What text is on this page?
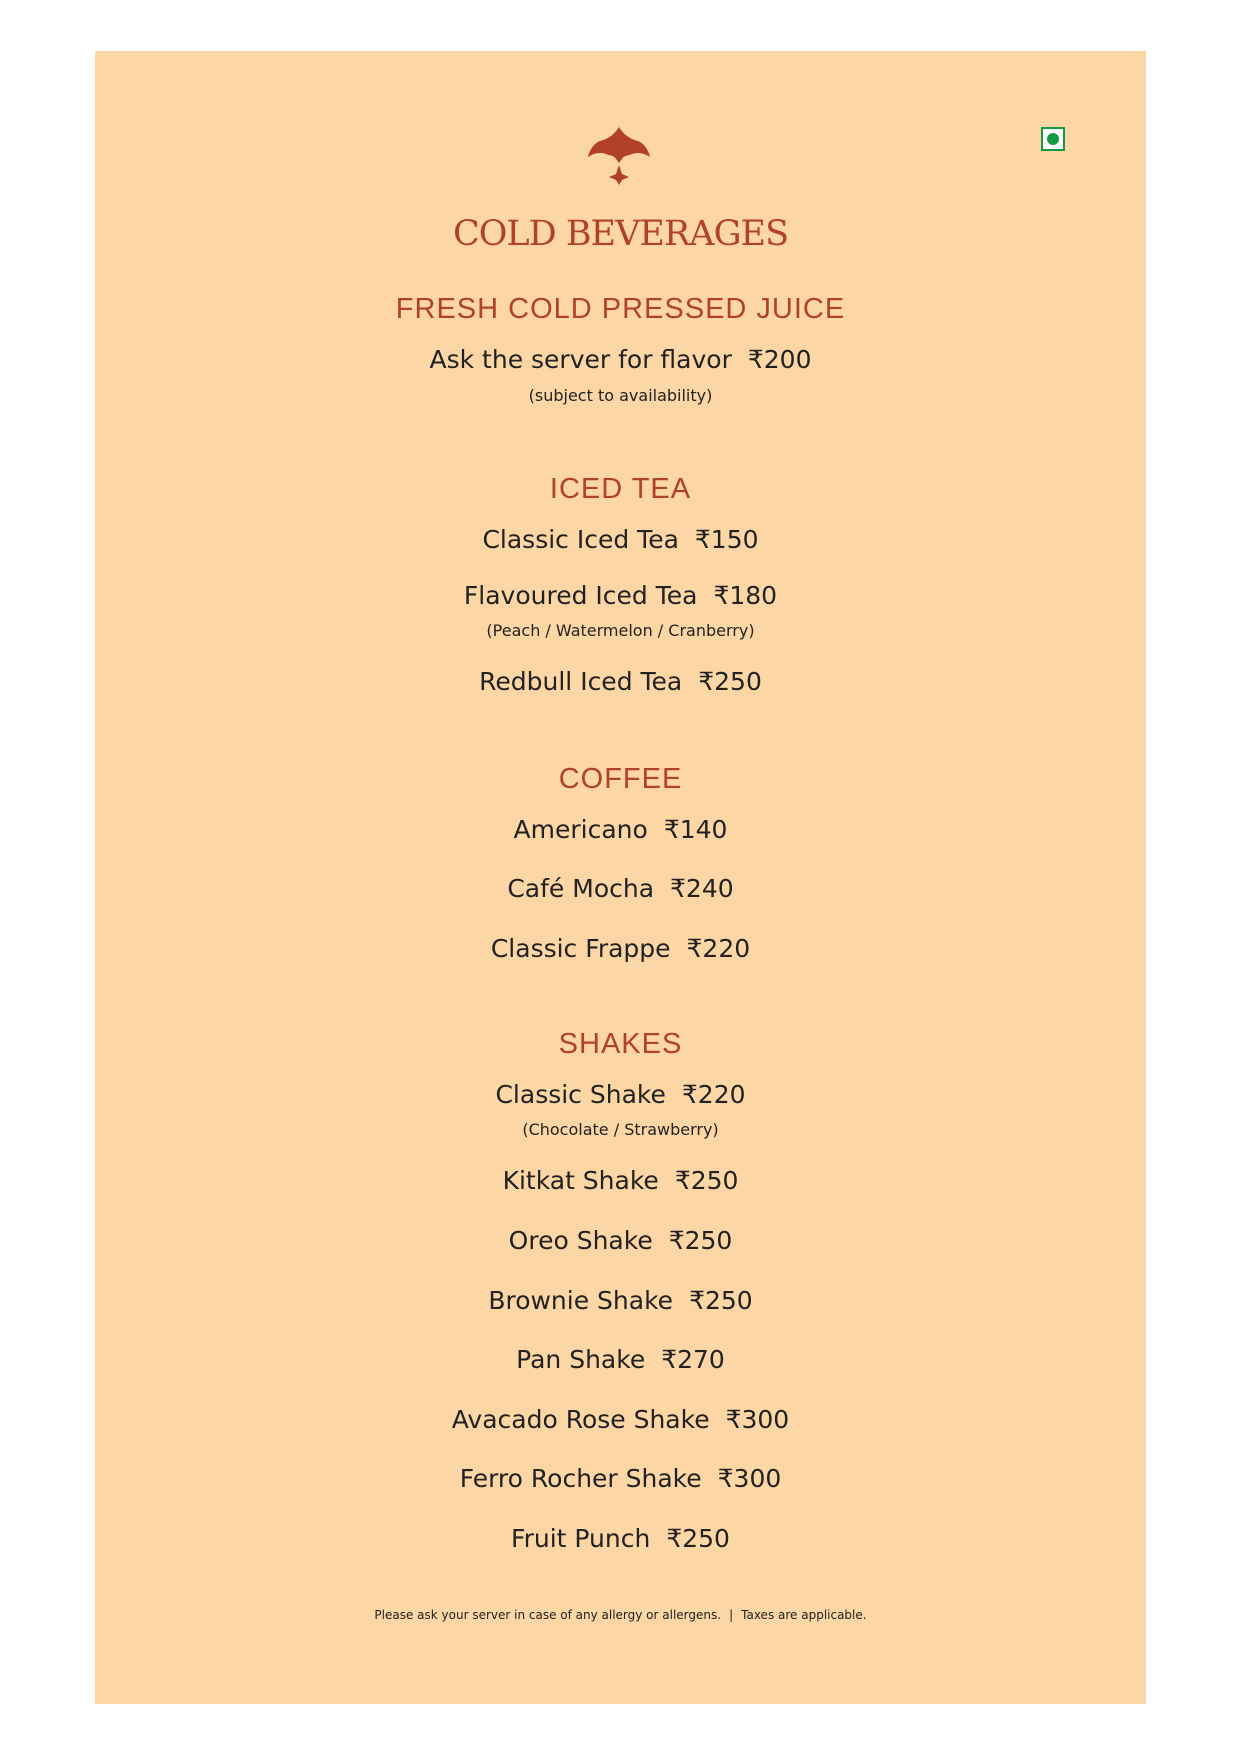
COLD BEVERAGES
FRESH COLD PRESSED JUICE
Ask the server for flavor ₹200
(subject to availability)
ICED TEA
Classic Iced Tea ₹150
Flavoured Iced Tea ₹180
(Peach / Watermelon / Cranberry)
Redbull Iced Tea ₹250
COFFEE
Americano ₹140
Café Mocha ₹240
Classic Frappe ₹220
SHAKES
Classic Shake ₹220
(Chocolate / Strawberry)
Kitkat Shake ₹250
Oreo Shake ₹250
Brownie Shake ₹250
Pan Shake ₹270
Avacado Rose Shake ₹300
Ferro Rocher Shake ₹300
Fruit Punch ₹250
Please ask your server in case of any allergy or allergens. | Taxes are applicable.
